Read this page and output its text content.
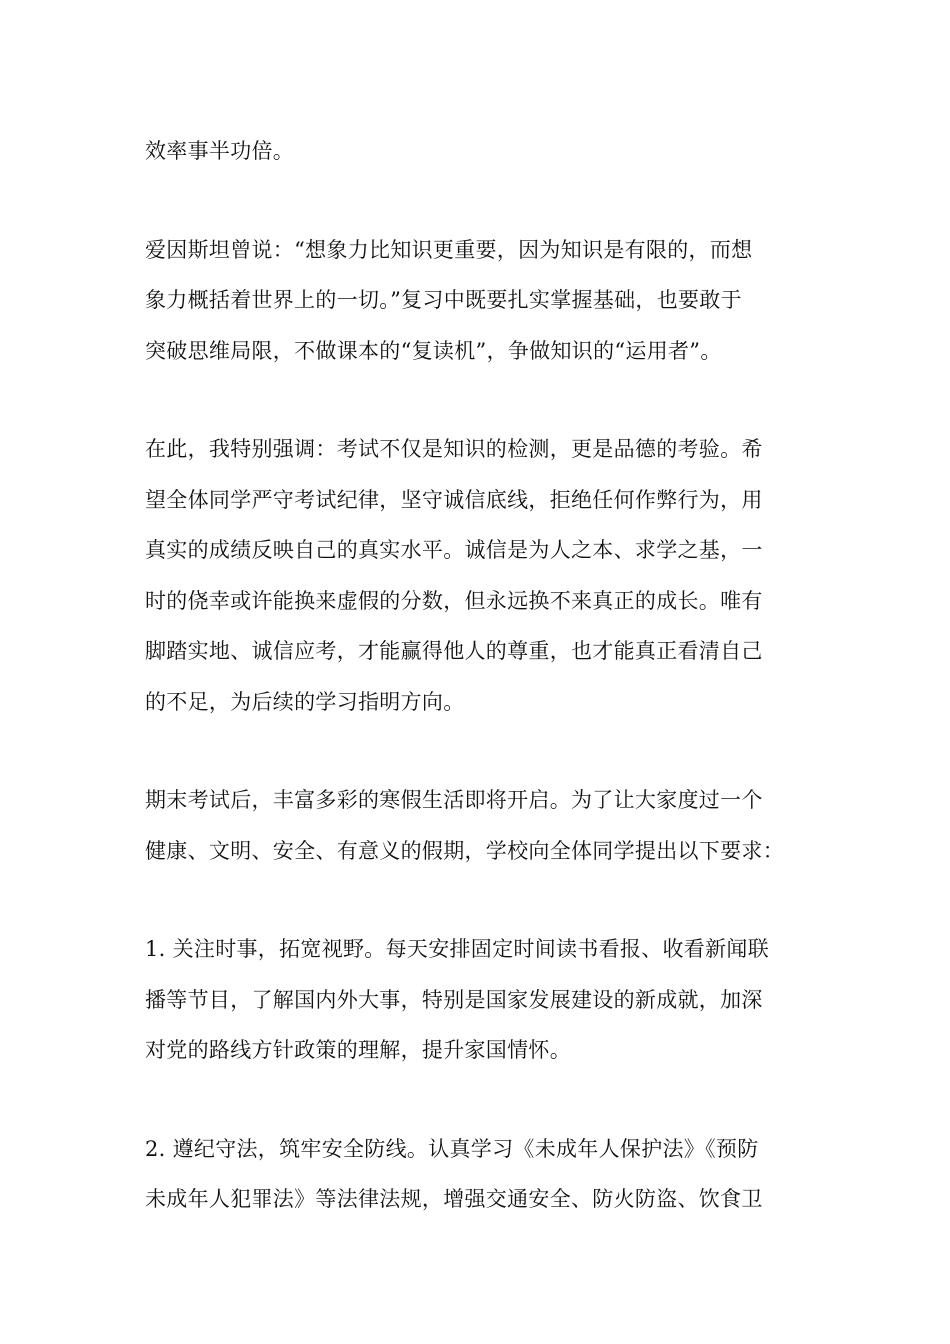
效率事半功倍。

爱因斯坦曾说：“想象力比知识更重要，因为知识是有限的，而想
象力概括着世界上的一切。”复习中既要扎实掌握基础，也要敢于
突破思维局限，不做课本的“复读机”，争做知识的“运用者”。

在此，我特别强调：考试不仅是知识的检测，更是品德的考验。希
望全体同学严守考试纪律，坚守诚信底线，拒绝任何作弊行为，用
真实的成绩反映自己的真实水平。诚信是为人之本、求学之基，一
时的侥幸或许能换来虚假的分数，但永远换不来真正的成长。唯有
脚踏实地、诚信应考，才能赢得他人的尊重，也才能真正看清自己
的不足，为后续的学习指明方向。

期末考试后，丰富多彩的寒假生活即将开启。为了让大家度过一个
健康、文明、安全、有意义的假期，学校向全体同学提出以下要求：

1. 关注时事，拓宽视野。每天安排固定时间读书看报、收看新闻联
播等节目，了解国内外大事，特别是国家发展建设的新成就，加深
对党的路线方针政策的理解，提升家国情怀。

2. 遵纪守法，筑牢安全防线。认真学习《未成年人保护法》《预防
未成年人犯罪法》等法律法规，增强交通安全、防火防盗、饮食卫
